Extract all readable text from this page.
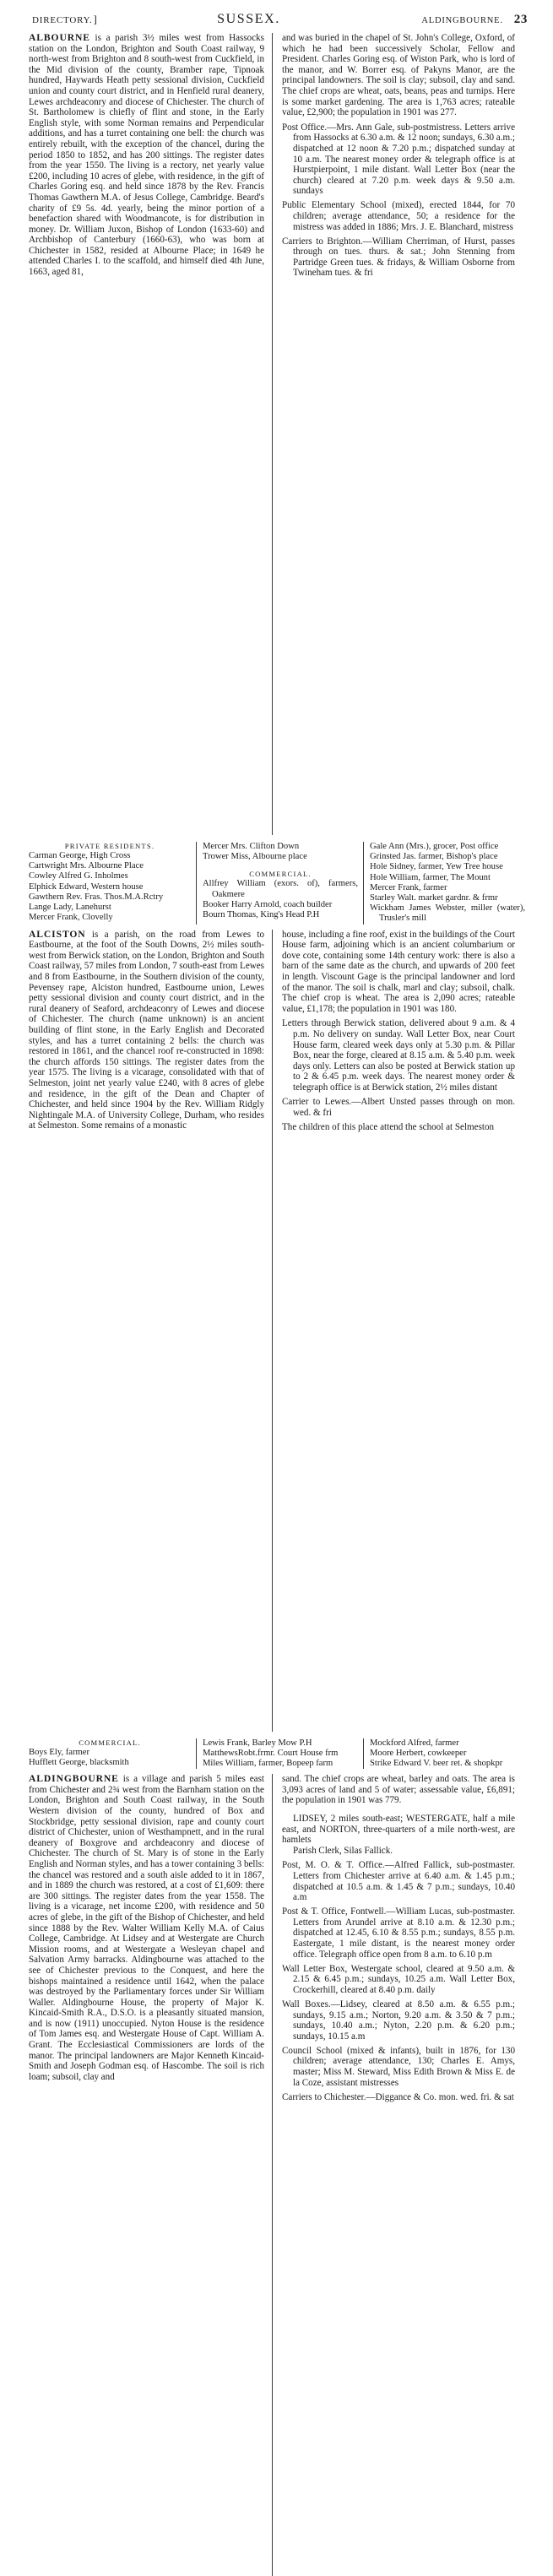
DIRECTORY.]	SUSSEX.	ALDINGBOURNE. 23

ALBOURNE is a parish 3½ miles west from Hassocks station on the London, Brighton and South Coast railway, 9 north-west from Brighton and 8 south-west from Cuckfield, in the Mid division of the county, Bramber rape, Tipnoak hundred, Haywards Heath petty sessional division, Cuckfield union and county court district, and in Henfield rural deanery, Lewes archdeaconry and diocese of Chichester. The church of St. Bartholomew is chiefly of flint and stone, in the Early English style, with some Norman remains and Perpendicular additions, and has a turret containing one bell: the church was entirely rebuilt, with the exception of the chancel, during the period 1850 to 1852, and has 200 sittings. The register dates from the year 1550. The living is a rectory, net yearly value £200, including 10 acres of glebe, with residence, in the gift of Charles Goring esq. and held since 1878 by the Rev. Francis Thomas Gawthern M.A. of Jesus College, Cambridge. Beard's charity of £9 5s. 4d. yearly, being the minor portion of a benefaction shared with Woodmancote, is for distribution in money. Dr. William Juxon, Bishop of London (1633-60) and Archbishop of Canterbury (1660-63), who was born at Chichester in 1582, resided at Albourne Place; in 1649 he attended Charles I. to the scaffold, and himself died 4th June, 1663, aged 81,

and was buried in the chapel of St. John's College, Oxford, of which he had been successively Scholar, Fellow and President. Charles Goring esq. of Wiston Park, who is lord of the manor, and W. Borrer esq. of Pakyns Manor, are the principal landowners. The soil is clay; subsoil, clay and sand. The chief crops are wheat, oats, beans, peas and turnips. Here is some market gardening. The area is 1,763 acres; rateable value, £2,900; the population in 1901 was 277.

Post Office.—Mrs. Ann Gale, sub-postmistress. Letters arrive from Hassocks at 6.30 a.m. & 12 noon; sundays, 6.30 a.m.; dispatched at 12 noon & 7.20 p.m.; dispatched sunday at 10 a.m. The nearest money order & telegraph office is at Hurstpierpoint, 1 mile distant. Wall Letter Box (near the church) cleared at 7.20 p.m. week days & 9.50 a.m. sundays

Public Elementary School (mixed), erected 1844, for 70 children; average attendance, 50; a residence for the mistress was added in 1886; Mrs. J. E. Blanchard, mistress

Carriers to Brighton.—William Cherriman, of Hurst, passes through on tues. thurs. & sat.; John Stenning from Partridge Green tues. & fridays, & William Osborne from Twineham tues. & fri

PRIVATE RESIDENTS.

Carman George, High Cross

Cartwright Mrs. Albourne Place

Cowley Alfred G. Inholmes

Elphick Edward, Western house

Gawthern Rev. Fras. Thos.M.A.Rctry

Lange Lady, Lanehurst

Mercer Frank, Clovelly

Mercer Mrs. Clifton Down

Trower Miss, Albourne place

COMMERCIAL.

Allfrey William (exors. of), farmers, Oakmere

Booker Harry Arnold, coach builder

Bourn Thomas, King's Head P.H

Gale Ann (Mrs.), grocer, Post office

Grinsted Jas. farmer, Bishop's place

Hole Sidney, farmer, Yew Tree house

Hole William, farmer, The Mount

Mercer Frank, farmer

Starley Walt. market gardnr. & frmr

Wickham James Webster, miller (water), Trusler's mill

ALCISTON is a parish, on the road from Lewes to Eastbourne, at the foot of the South Downs, 2½ miles south-west from Berwick station, on the London, Brighton and South Coast railway, 57 miles from London, 7 south-east from Lewes and 8 from Eastbourne, in the Southern division of the county, Pevensey rape, Alciston hundred, Eastbourne union, Lewes petty sessional division and county court district, and in the rural deanery of Seaford, archdeaconry of Lewes and diocese of Chichester. The church (name unknown) is an ancient building of flint stone, in the Early English and Decorated styles, and has a turret containing 2 bells: the church was restored in 1861, and the chancel roof re-constructed in 1898: the church affords 150 sittings. The register dates from the year 1575. The living is a vicarage, consolidated with that of Selmeston, joint net yearly value £240, with 8 acres of glebe and residence, in the gift of the Dean and Chapter of Chichester, and held since 1904 by the Rev. William Ridgly Nightingale M.A. of University College, Durham, who resides at Selmeston. Some remains of a monastic

house, including a fine roof, exist in the buildings of the Court House farm, adjoining which is an ancient columbarium or dove cote, containing some 14th century work: there is also a barn of the same date as the church, and upwards of 200 feet in length. Viscount Gage is the principal landowner and lord of the manor. The soil is chalk, marl and clay; subsoil, chalk. The chief crop is wheat. The area is 2,090 acres; rateable value, £1,178; the population in 1901 was 180.

Letters through Berwick station, delivered about 9 a.m. & 4 p.m. No delivery on sunday. Wall Letter Box, near Court House farm, cleared week days only at 5.30 p.m. & Pillar Box, near the forge, cleared at 8.15 a.m. & 5.40 p.m. week days only. Letters can also be posted at Berwick station up to 2 & 6.45 p.m. week days. The nearest money order & telegraph office is at Berwick station, 2½ miles distant

Carrier to Lewes.—Albert Unsted passes through on mon. wed. & fri

The children of this place attend the school at Selmeston

COMMERCIAL.

Boys Ely, farmer

Hufflett George, blacksmith

Lewis Frank, Barley Mow P.H

MatthewsRobt.frmr. Court House frm

Miles William, farmer, Bopeep farm

Mockford Alfred, farmer

Moore Herbert, cowkeeper

Strike Edward V. beer ret. & shopkpr

ALDINGBOURNE is a village and parish 5 miles east from Chichester and 2¾ west from the Barnham station on the London, Brighton and South Coast railway, in the South Western division of the county, hundred of Box and Stockbridge, petty sessional division, rape and county court district of Chichester, union of Westhampnett, and in the rural deanery of Boxgrove and archdeaconry and diocese of Chichester. The church of St. Mary is of stone in the Early English and Norman styles, and has a tower containing 3 bells: the chancel was restored and a south aisle added to it in 1867, and in 1889 the church was restored, at a cost of £1,609: there are 300 sittings. The register dates from the year 1558. The living is a vicarage, net income £200, with residence and 50 acres of glebe, in the gift of the Bishop of Chichester, and held since 1888 by the Rev. Walter William Kelly M.A. of Caius College, Cambridge. At Lidsey and at Westergate are Church Mission rooms, and at Westergate a Wesleyan chapel and Salvation Army barracks. Aldingbourne was attached to the see of Chichester previous to the Conquest, and here the bishops maintained a residence until 1642, when the palace was destroyed by the Parliamentary forces under Sir William Waller. Aldingbourne House, the property of Major K. Kincaid-Smith R.A., D.S.O. is a pleasantly situated mansion, and is now (1911) unoccupied. Nyton House is the residence of Tom James esq. and Westergate House of Capt. William A. Grant. The Ecclesiastical Commissioners are lords of the manor. The principal landowners are Major Kenneth Kincaid-Smith and Joseph Godman esq. of Hascombe. The soil is rich loam; subsoil, clay and

sand. The chief crops are wheat, barley and oats. The area is 3,093 acres of land and 5 of water; assessable value, £6,891; the population in 1901 was 779.

LIDSEY, 2 miles south-east; WESTERGATE, half a mile east, and NORTON, three-quarters of a mile north-west, are hamlets

Parish Clerk, Silas Fallick.

Post, M. O. & T. Office.—Alfred Fallick, sub-postmaster. Letters from Chichester arrive at 6.40 a.m. & 1.45 p.m.; dispatched at 10.5 a.m. & 1.45 & 7 p.m.; sundays, 10.40 a.m

Post & T. Office, Fontwell.—William Lucas, sub-postmaster. Letters from Arundel arrive at 8.10 a.m. & 12.30 p.m.; dispatched at 12.45, 6.10 & 8.55 p.m.; sundays, 8.55 p.m. Eastergate, 1 mile distant, is the nearest money order office. Telegraph office open from 8 a.m. to 6.10 p.m

Wall Letter Box, Westergate school, cleared at 9.50 a.m. & 2.15 & 6.45 p.m.; sundays, 10.25 a.m. Wall Letter Box, Crockerhill, cleared at 8.40 p.m. daily

Wall Boxes.—Lidsey, cleared at 8.50 a.m. & 6.55 p.m.; sundays, 9.15 a.m.; Norton, 9.20 a.m. & 3.50 & 7 p.m.; sundays, 10.40 a.m.; Nyton, 2.20 p.m. & 6.20 p.m.; sundays, 10.15 a.m

Council School (mixed & infants), built in 1876, for 130 children; average attendance, 130; Charles E. Amys, master; Miss M. Steward, Miss Edith Brown & Miss E. de la Coze, assistant mistresses

Carriers to Chichester.—Diggance & Co. mon. wed. fri. & sat
